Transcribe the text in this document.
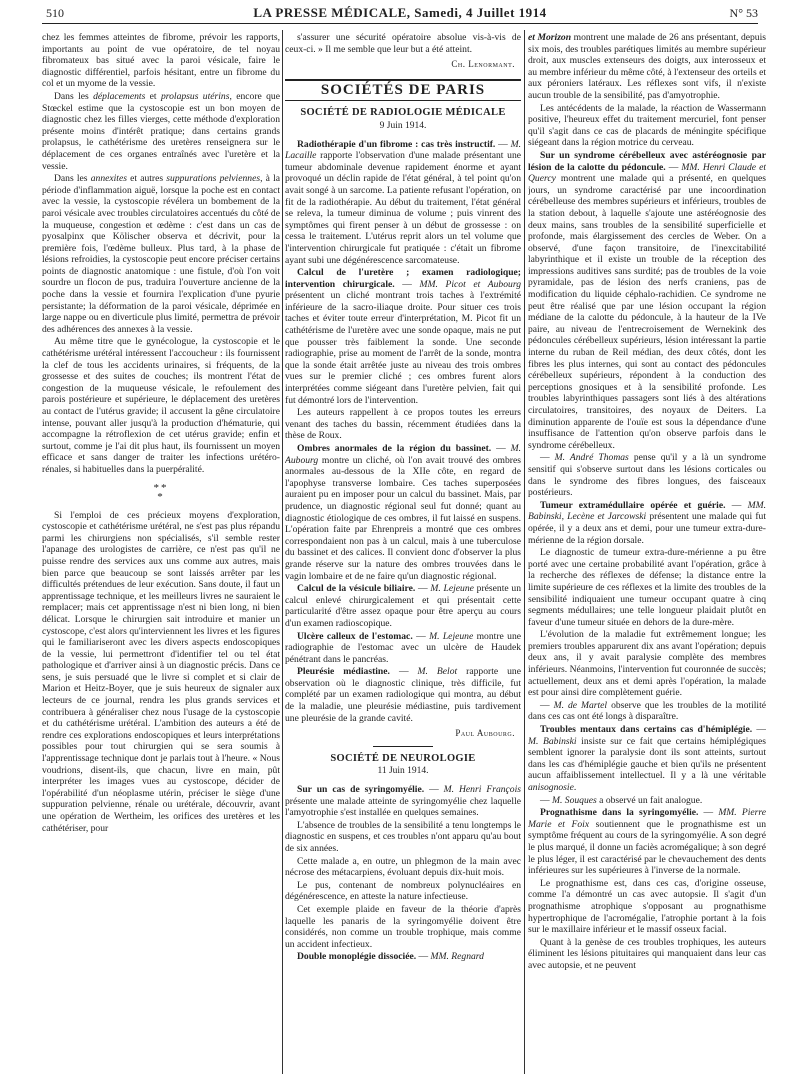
510	LA PRESSE MÉDICALE, Samedi, 4 Juillet 1914	N° 53

chez les femmes atteintes de fibrome, prévoir les rapports, importants au point de vue opératoire, de tel noyau fibromateux bas situé avec la paroi vésicale, faire le diagnostic différentiel, parfois hésitant, entre un fibrome du col et un myome de la vessie.

Dans les déplacements et prolapsus utérins, encore que Stœckel estime que la cystoscopie est un bon moyen de diagnostic chez les filles vierges, cette méthode d'exploration présente moins d'intérêt pratique; dans certains grands prolapsus, le cathétérisme des uretères renseignera sur le déplacement de ces organes entraînés avec l'uretère et la vessie.

Dans les annexites et autres suppurations pelviennes, à la période d'inflammation aiguë, lorsque la poche est en contact avec la vessie, la cystoscopie révélera un bombement de la paroi vésicale avec troubles circulatoires accentués du côté de la muqueuse, congestion et œdème : c'est dans un cas de pyosalpinx que Kölischer observa et décrivit, pour la première fois, l'œdème bulleux. Plus tard, à la phase de lésions refroidies, la cystoscopie peut encore préciser certains points de diagnostic anatomique : une fistule, d'où l'on voit sourdre un flocon de pus, traduira l'ouverture ancienne de la poche dans la vessie et fournira l'explication d'une pyurie persistante; la déformation de la paroi vésicale, déprimée en large nappe ou en diverticule plus limité, permettra de prévoir des adhérences des annexes à la vessie.

Au même titre que le gynécologue, la cystoscopie et le cathétérisme urétéral intéressent l'accoucheur : ils fournissent la clef de tous les accidents urinaires, si fréquents, de la grossesse et des suites de couches; ils montrent l'état de congestion de la muqueuse vésicale, le refoulement des parois postérieure et supérieure, le déplacement des uretères au contact de l'utérus gravide; il accusent la gêne circulatoire intense, pouvant aller jusqu'à la production d'hématurie, qui accompagne la rétroflexion de cet utérus gravide; enfin et surtout, comme je l'ai dit plus haut, ils fournissent un moyen efficace et sans danger de traiter les infections urétéro-rénales, si habituelles dans la puerpéralité.

**
*

Si l'emploi de ces précieux moyens d'exploration, cystoscopie et cathétérisme urétéral, ne s'est pas plus répandu parmi les chirurgiens non spécialisés, s'il semble rester l'apanage des urologistes de carrière, ce n'est pas qu'il ne puisse rendre des services aux uns comme aux autres, mais bien parce que beaucoup se sont laissés arrêter par les difficultés prétendues de leur exécution. Sans doute, il faut un apprentissage technique, et les meilleurs livres ne sauraient le remplacer; mais cet apprentissage n'est ni bien long, ni bien délicat. Lorsque le chirurgien sait introduire et manier un cystoscope, c'est alors qu'interviennent les livres et les figures qui le familiariseront avec les divers aspects endoscopiques de la vessie, lui permettront d'identifier tel ou tel état pathologique et d'arriver ainsi à un diagnostic précis. Dans ce sens, je suis persuadé que le livre si complet et si clair de Marion et Heitz-Boyer, que je suis heureux de signaler aux lecteurs de ce journal, rendra les plus grands services et contribuera à généraliser chez nous l'usage de la cystoscopie et du cathétérisme urétéral. L'ambition des auteurs a été de rendre ces explorations endoscopiques et leurs interprétations possibles pour tout chirurgien qui se sera soumis à l'apprentissage technique dont je parlais tout à l'heure. « Nous voudrions, disent-ils, que chacun, livre en main, pût interpréter les images vues au cystoscope, décider de l'opérabilité d'un néoplasme utérin, préciser le siège d'une suppuration pelvienne, rénale ou urétérale, découvrir, avant une opération de Wertheim, les orifices des uretères et les cathétériser, pour

s'assurer une sécurité opératoire absolue vis-à-vis de ceux-ci. » Il me semble que leur but a été atteint.

Ch. Lenormant.
SOCIÉTÉS DE PARIS
SOCIÉTÉ DE RADIOLOGIE MÉDICALE
9 Juin 1914.

Radiothérapie d'un fibrome : cas très instructif. — M. Lacaille rapporte l'observation d'une malade présentant une tumeur abdominale devenue rapidement énorme et ayant provoqué un déclin rapide de l'état général, à tel point qu'on avait songé à un sarcome. La patiente refusant l'opération, on fit de la radiothérapie. Au début du traitement, l'état général se releva, la tumeur diminua de volume ; puis vinrent des symptômes qui firent penser à un début de grossesse : on cessa le traitement. L'utérus reprit alors un tel volume que l'intervention chirurgicale fut pratiquée : c'était un fibrome ayant subi une dégénérescence sarcomateuse.

Calcul de l'uretère ; examen radiologique; intervention chirurgicale. — MM. Picot et Aubourg présentent un cliché montrant trois taches à l'extrémité inférieure de la sacro-iliaque droite. Pour situer ces trois taches et éviter toute erreur d'interprétation, M. Picot fit un cathétérisme de l'uretère avec une sonde opaque, mais ne put que pousser très faiblement la sonde. Une seconde radiographie, prise au moment de l'arrêt de la sonde, montra que la sonde était arrêtée juste au niveau des trois ombres vues sur le premier cliché ; ces ombres furent alors interprétées comme siégeant dans l'uretère pelvien, fait qui fut démontré lors de l'intervention.

Les auteurs rappellent à ce propos toutes les erreurs venant des taches du bassin, récemment étudiées dans la thèse de Roux.

Ombres anormales de la région du bassinet. — M. Aubourg montre un cliché, où l'on avait trouvé des ombres anormales au-dessous de la XIIe côte, en regard de l'apophyse transverse lombaire. Ces taches superposées auraient pu en imposer pour un calcul du bassinet. Mais, par prudence, un diagnostic régional seul fut donné; quant au diagnostic étiologique de ces ombres, il fut laissé en suspens. L'opération faite par Ehrenpreis a montré que ces ombres correspondaient non pas à un calcul, mais à une tuberculose du bassinet et des calices. Il convient donc d'observer la plus grande réserve sur la nature des ombres trouvées dans le vagin lombaire et de ne faire qu'un diagnostic régional.

Calcul de la vésicule biliaire. — M. Lejeune présente un calcul enlevé chirurgicalement et qui présentait cette particularité d'être assez opaque pour être aperçu au cours d'un examen radioscopique.

Ulcère calleux de l'estomac. — M. Lejeune montre une radiographie de l'estomac avec un ulcère de Haudek pénétrant dans le pancréas.

Pleurésie médiastine. — M. Belot rapporte une observation où le diagnostic clinique, très difficile, fut complété par un examen radiologique qui montra, au début de la maladie, une pleurésie médiastine, puis tardivement une pleurésie de la grande cavité.

Paul Aubourg.
SOCIÉTÉ DE NEUROLOGIE
11 Juin 1914.

Sur un cas de syringomyélie. — M. Henri François présente une malade atteinte de syringomyélie chez laquelle l'amyotrophie s'est installée en quelques semaines.

L'absence de troubles de la sensibilité a tenu longtemps le diagnostic en suspens, et ces troubles n'ont apparu qu'au bout de six années.

Cette malade a, en outre, un phlegmon de la main avec nécrose des métacarpiens, évoluant depuis dix-huit mois.

Le pus, contenant de nombreux polynucléaires en dégénérescence, en atteste la nature infectieuse.

Cet exemple plaide en faveur de la théorie d'après laquelle les panaris de la syringomyélie doivent être considérés, non comme un trouble trophique, mais comme un accident infectieux.

Double monoplégie dissociée. — MM. Regnard

et Morizon montrent une malade de 26 ans présentant, depuis six mois, des troubles parétiques limités au membre supérieur droit, aux muscles extenseurs des doigts, aux interosseux et au membre inférieur du même côté, à l'extenseur des orteils et aux péroniers latéraux. Les réflexes sont vifs, il n'existe aucun trouble de la sensibilité, pas d'amyotrophie.

Les antécédents de la malade, la réaction de Wassermann positive, l'heureux effet du traitement mercuriel, font penser qu'il s'agit dans ce cas de placards de méningite spécifique siégeant dans la région motrice du cerveau.

Sur un syndrome cérébelleux avec astéréognosie par lésion de la calotte du pédoncule. — MM. Henri Claude et Quercy montrent une malade qui a présenté, en quelques jours, un syndrome caractérisé par une incoordination cérébelleuse des membres supérieurs et inférieurs, troubles de la station debout, à laquelle s'ajoute une astéréognosie des deux mains, sans troubles de la sensibilité superficielle et profonde, mais élargissement des cercles de Weber. On a observé, d'une façon transitoire, de l'inexcitabilité labyrinthique et il existe un trouble de la réception des impressions auditives sans surdité; pas de troubles de la voie pyramidale, pas de lésion des nerfs craniens, pas de modification du liquide céphalo-rachidien. Ce syndrome ne peut être réalisé que par une lésion occupant la région médiane de la calotte du pédoncule, à la hauteur de la IVe paire, au niveau de l'entrecroisement de Wernekink des pédoncules cérébelleux supérieurs, lésion intéressant la partie interne du ruban de Reil médian, des deux côtés, dont les fibres les plus internes, qui sont au contact des pédoncules cérébelleux supérieurs, répondent à la conduction des perceptions gnosiques et à la sensibilité profonde. Les troubles labyrinthiques passagers sont liés à des altérations circulatoires, transitoires, des noyaux de Deiters. La diminution apparente de l'ouïe est sous la dépendance d'une insuffisance de l'attention qu'on observe parfois dans le syndrome cérébelleux.

— M. André Thomas pense qu'il y a là un syndrome sensitif qui s'observe surtout dans les lésions corticales ou dans le syndrome des fibres longues, des faisceaux postérieurs.

Tumeur extramédullaire opérée et guérie. — MM. Babinski, Lecène et Jarcowski présentent une malade qui fut opérée, il y a deux ans et demi, pour une tumeur extra-dure-mérienne de la région dorsale.

Le diagnostic de tumeur extra-dure-mérienne a pu être porté avec une certaine probabilité avant l'opération, grâce à la recherche des réflexes de défense; la distance entre la limite supérieure de ces réflexes et la limite des troubles de la sensibilité indiquaient une tumeur occupant quatre à cinq segments médullaires; une telle longueur plaidait plutôt en faveur d'une tumeur située en dehors de la dure-mère.

L'évolution de la maladie fut extrêmement longue; les premiers troubles apparurent dix ans avant l'opération; depuis deux ans, il y avait paralysie complète des membres inférieurs. Néanmoins, l'intervention fut couronnée de succès; actuellement, deux ans et demi après l'opération, la malade est pour ainsi dire complètement guérie.

— M. de Martel observe que les troubles de la motilité dans ces cas ont été longs à disparaître.

Troubles mentaux dans certains cas d'hémiplégie. — M. Babinski insiste sur ce fait que certains hémiplégiques semblent ignorer la paralysie dont ils sont atteints, surtout dans les cas d'hémiplégie gauche et bien qu'ils ne présentent aucun affaiblissement intellectuel. Il y a là une véritable anisognosie.

— M. Souques a observé un fait analogue.

Prognathisme dans la syringomyélie. — MM. Pierre Marie et Foix soutiennent que le prognathisme est un symptôme fréquent au cours de la syringomyélie. A son degré le plus marqué, il donne un faciès acromégalique; à son degré le plus léger, il est caractérisé par le chevauchement des dents inférieures sur les supérieures à l'inverse de la normale.

Le prognathisme est, dans ces cas, d'origine osseuse, comme l'a démontré un cas avec autopsie. Il s'agit d'un prognathisme atrophique s'opposant au prognathisme hypertrophique de l'acromégalie, l'atrophie portant à la fois sur le maxillaire inférieur et le massif osseux facial.

Quant à la genèse de ces troubles trophiques, les auteurs éliminent les lésions pituitaires qui manquaient dans leur cas avec autopsie, et ne peuvent
